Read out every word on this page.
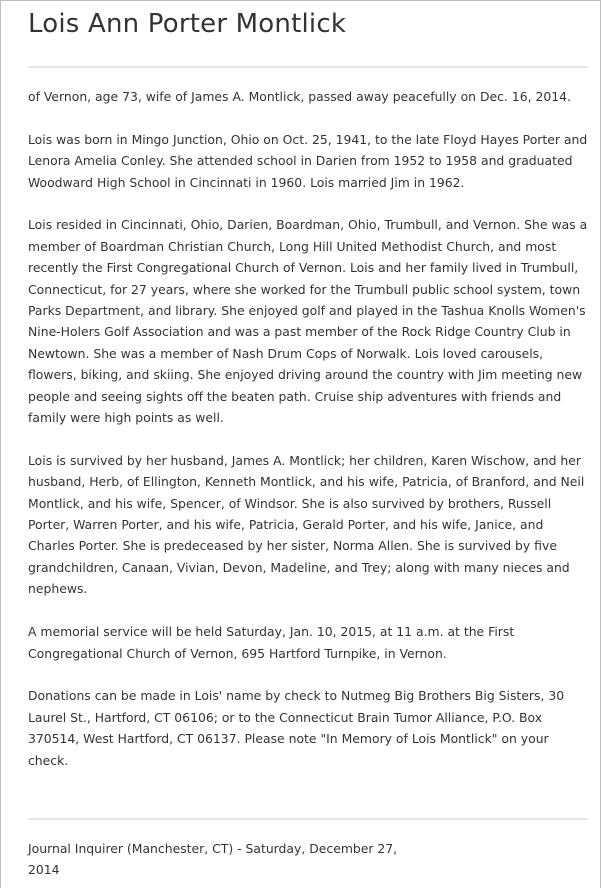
Lois Ann Porter Montlick

of Vernon, age 73, wife of James A. Montlick, passed away peacefully on Dec. 16, 2014.

Lois was born in Mingo Junction, Ohio on Oct. 25, 1941, to the late Floyd Hayes Porter and Lenora Amelia Conley. She attended school in Darien from 1952 to 1958 and graduated Woodward High School in Cincinnati in 1960. Lois married Jim in 1962.

Lois resided in Cincinnati, Ohio, Darien, Boardman, Ohio, Trumbull, and Vernon. She was a member of Boardman Christian Church, Long Hill United Methodist Church, and most recently the First Congregational Church of Vernon. Lois and her family lived in Trumbull, Connecticut, for 27 years, where she worked for the Trumbull public school system, town Parks Department, and library. She enjoyed golf and played in the Tashua Knolls Women's Nine-Holers Golf Association and was a past member of the Rock Ridge Country Club in Newtown. She was a member of Nash Drum Cops of Norwalk. Lois loved carousels, flowers, biking, and skiing. She enjoyed driving around the country with Jim meeting new people and seeing sights off the beaten path. Cruise ship adventures with friends and family were high points as well.

Lois is survived by her husband, James A. Montlick; her children, Karen Wischow, and her husband, Herb, of Ellington, Kenneth Montlick, and his wife, Patricia, of Branford, and Neil Montlick, and his wife, Spencer, of Windsor. She is also survived by brothers, Russell Porter, Warren Porter, and his wife, Patricia, Gerald Porter, and his wife, Janice, and Charles Porter. She is predeceased by her sister, Norma Allen. She is survived by five grandchildren, Canaan, Vivian, Devon, Madeline, and Trey; along with many nieces and nephews.

A memorial service will be held Saturday, Jan. 10, 2015, at 11 a.m. at the First Congregational Church of Vernon, 695 Hartford Turnpike, in Vernon.

Donations can be made in Lois' name by check to Nutmeg Big Brothers Big Sisters, 30 Laurel St., Hartford, CT 06106; or to the Connecticut Brain Tumor Alliance, P.O. Box 370514, West Hartford, CT 06137. Please note "In Memory of Lois Montlick" on your check.

Journal Inquirer (Manchester, CT) - Saturday, December 27, 2014
